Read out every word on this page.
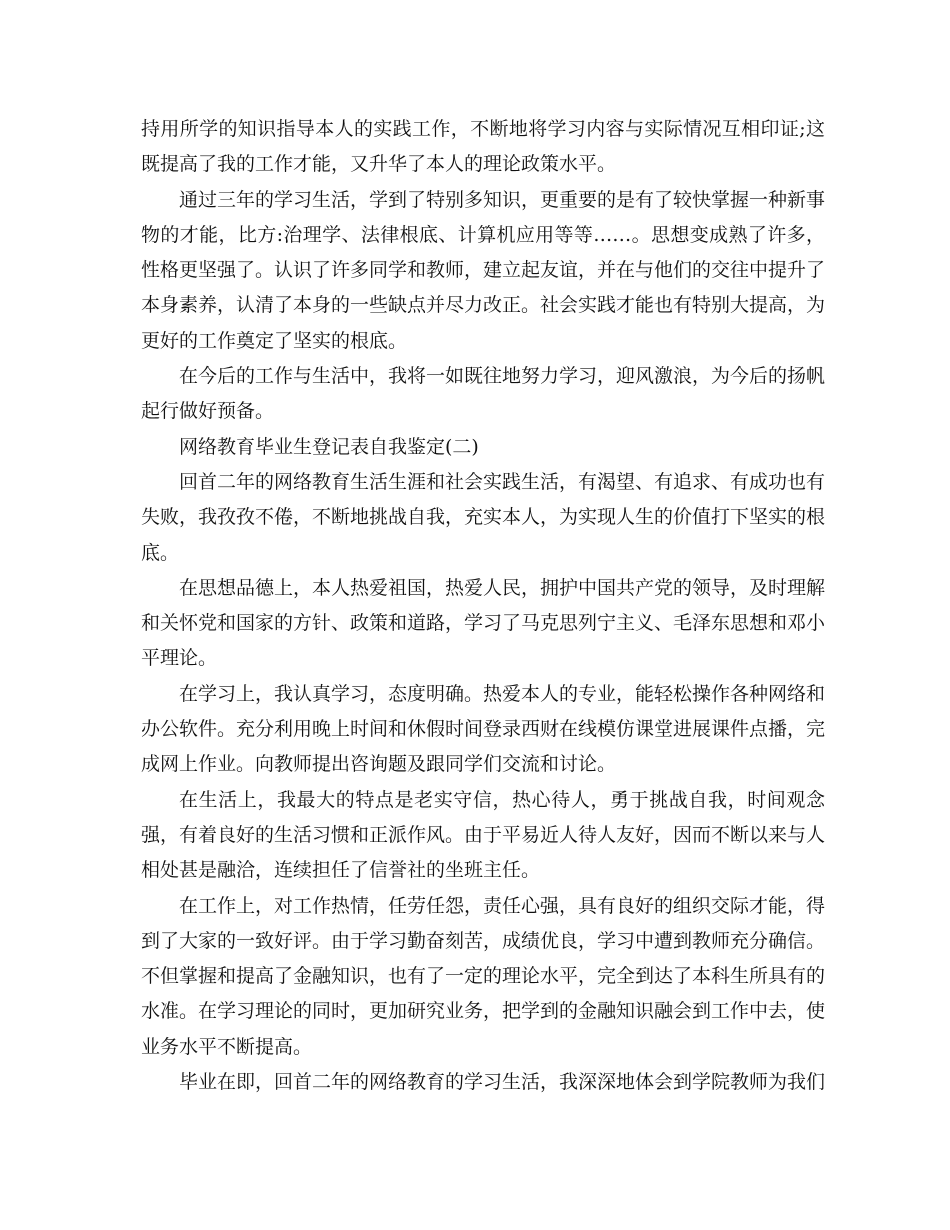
持用所学的知识指导本人的实践工作，不断地将学习内容与实际情况互相印证;这既提高了我的工作才能，又升华了本人的理论政策水平。

通过三年的学习生活，学到了特别多知识，更重要的是有了较快掌握一种新事物的才能，比方:治理学、法律根底、计算机应用等等……。思想变成熟了许多，性格更坚强了。认识了许多同学和教师，建立起友谊，并在与他们的交往中提升了本身素养，认清了本身的一些缺点并尽力改正。社会实践才能也有特别大提高，为更好的工作奠定了坚实的根底。

在今后的工作与生活中，我将一如既往地努力学习，迎风激浪，为今后的扬帆起行做好预备。

网络教育毕业生登记表自我鉴定(二)

回首二年的网络教育生活生涯和社会实践生活，有渴望、有追求、有成功也有失败，我孜孜不倦，不断地挑战自我，充实本人，为实现人生的价值打下坚实的根底。

在思想品德上，本人热爱祖国，热爱人民，拥护中国共产党的领导，及时理解和关怀党和国家的方针、政策和道路，学习了马克思列宁主义、毛泽东思想和邓小平理论。

在学习上，我认真学习，态度明确。热爱本人的专业，能轻松操作各种网络和办公软件。充分利用晚上时间和休假时间登录西财在线模仿课堂进展课件点播，完成网上作业。向教师提出咨询题及跟同学们交流和讨论。

在生活上，我最大的特点是老实守信，热心待人，勇于挑战自我，时间观念强，有着良好的生活习惯和正派作风。由于平易近人待人友好，因而不断以来与人相处甚是融洽，连续担任了信誉社的坐班主任。

在工作上，对工作热情，任劳任怨，责任心强，具有良好的组织交际才能，得到了大家的一致好评。由于学习勤奋刻苦，成绩优良，学习中遭到教师充分确信。不但掌握和提高了金融知识，也有了一定的理论水平，完全到达了本科生所具有的水准。在学习理论的同时，更加研究业务，把学到的金融知识融会到工作中去，使业务水平不断提高。

毕业在即，回首二年的网络教育的学习生活，我深深地体会到学院教师为我们
